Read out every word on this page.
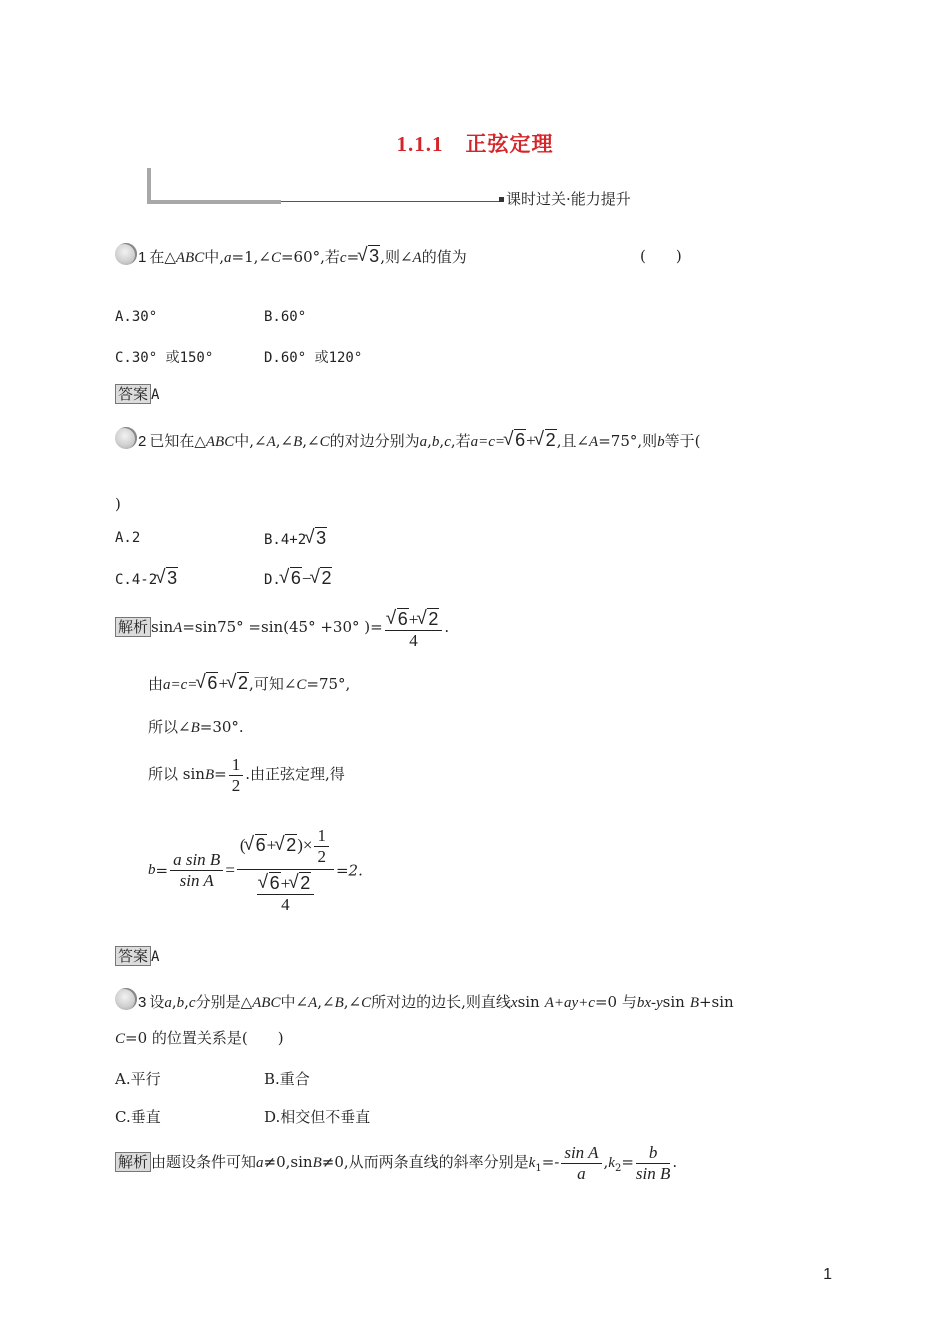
1.1.1 正弦定理
课时过关·能力提升
1 在△ABC中,a=1,∠C=60°,若c= √ 3,则∠A的值为	(　　)
A.30°	B.60°
C.30° 或150°	D.60° 或120°
答案 A
2 已知在△ABC中,∠A,∠B,∠C的对边分别为a,b,c,若a=c= √ 6+ √ 2,且∠A=75°,则b等于(
)
A.2	B.4+2 √ 3
C.4-2 √ 3	D. √ 6− √ 2
解析 sinA=sin75° =sin(45° +30° )= √ $\frac{6+ √ 2}{4}$ .
由a=c= √ 6+ √ 2,可知∠C=75°,
所以∠B=30°.
所以 $\sin B= \frac{1}{2}$ .由正弦定理,得
$b= \frac{\text{a sin B}}{\text{sin A}}$ = ( √ 6+ √ $2)\times \frac{1}{2}$
√ $\frac{6+ √ 2}{4} =2$.
答案 A
3 设a,b,c分别是△ABC中∠A,∠B,∠C所对边的边长,则直线xsin A+ay+c=0 与bx-ysin B+sin
C=0 的位置关系是(　　)
A.平行	B.重合
C.垂直	D.相交但不垂直
解析 由题设条件可知a≠0,sinB≠0,从而两条直线的斜率分别是$k_1=- \frac{\text{sin A}}{a} ,k_2= \frac{b}{\text{sin B}}$ .
1
